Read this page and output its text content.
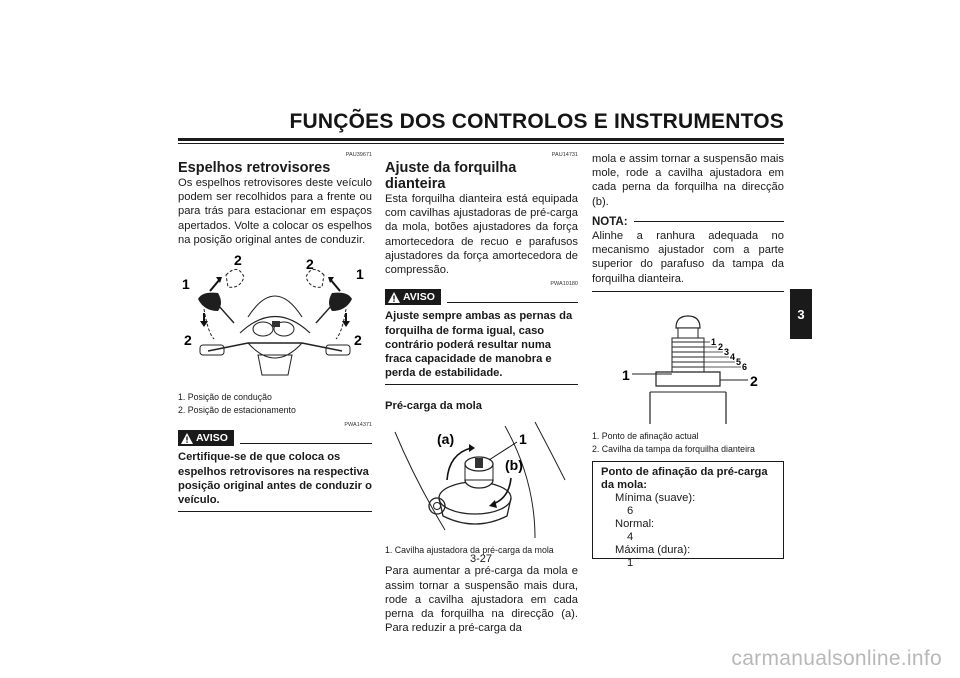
FUNÇÕES DOS CONTROLOS E INSTRUMENTOS
3
PAU39671
Espelhos retrovisores

Os espelhos retrovisores deste veículo podem ser recolhidos para a frente ou para trás para estacionar em espaços apertados. Volte a colocar os espelhos na posição original antes de conduzir.

1
1
2	2
2	2
1. Posição de condução
2. Posição de estacionamento
PWA14371
AVISO
Certifique-se de que coloca os espelhos retrovisores na respectiva posição original antes de conduzir o veículo.
PAU14731
Ajuste da forquilha dianteira

Esta forquilha dianteira está equipada com cavilhas ajustadoras de pré-carga da mola, botões ajustadores da força amortecedora de recuo e parafusos ajustadores da força amortecedora de compressão.

PWA10180
AVISO
Ajuste sempre ambas as pernas da forquilha de forma igual, caso contrário poderá resultar numa fraca capacidade de manobra e perda de estabilidade.
Pré-carga da mola
(a)	1
(b)
1. Cavilha ajustadora da pré-carga da mola

Para aumentar a pré-carga da mola e assim tornar a suspensão mais dura, rode a cavilha ajustadora em cada perna da forquilha na direcção (a). Para reduzir a pré-carga da

mola e assim tornar a suspensão mais mole, rode a cavilha ajustadora em cada perna da forquilha na direcção (b).

NOTA:

Alinhe a ranhura adequada no mecanismo ajustador com a parte superior do parafuso da tampa da forquilha dianteira.

1 2 3 4 5 6
1	2
1. Ponto de afinação actual
2. Cavilha da tampa da forquilha dianteira
Ponto de afinação da pré-carga da mola:
Mínima (suave):
6
Normal:
4
Máxima (dura):
1
3-27
carmanualsonline.info
